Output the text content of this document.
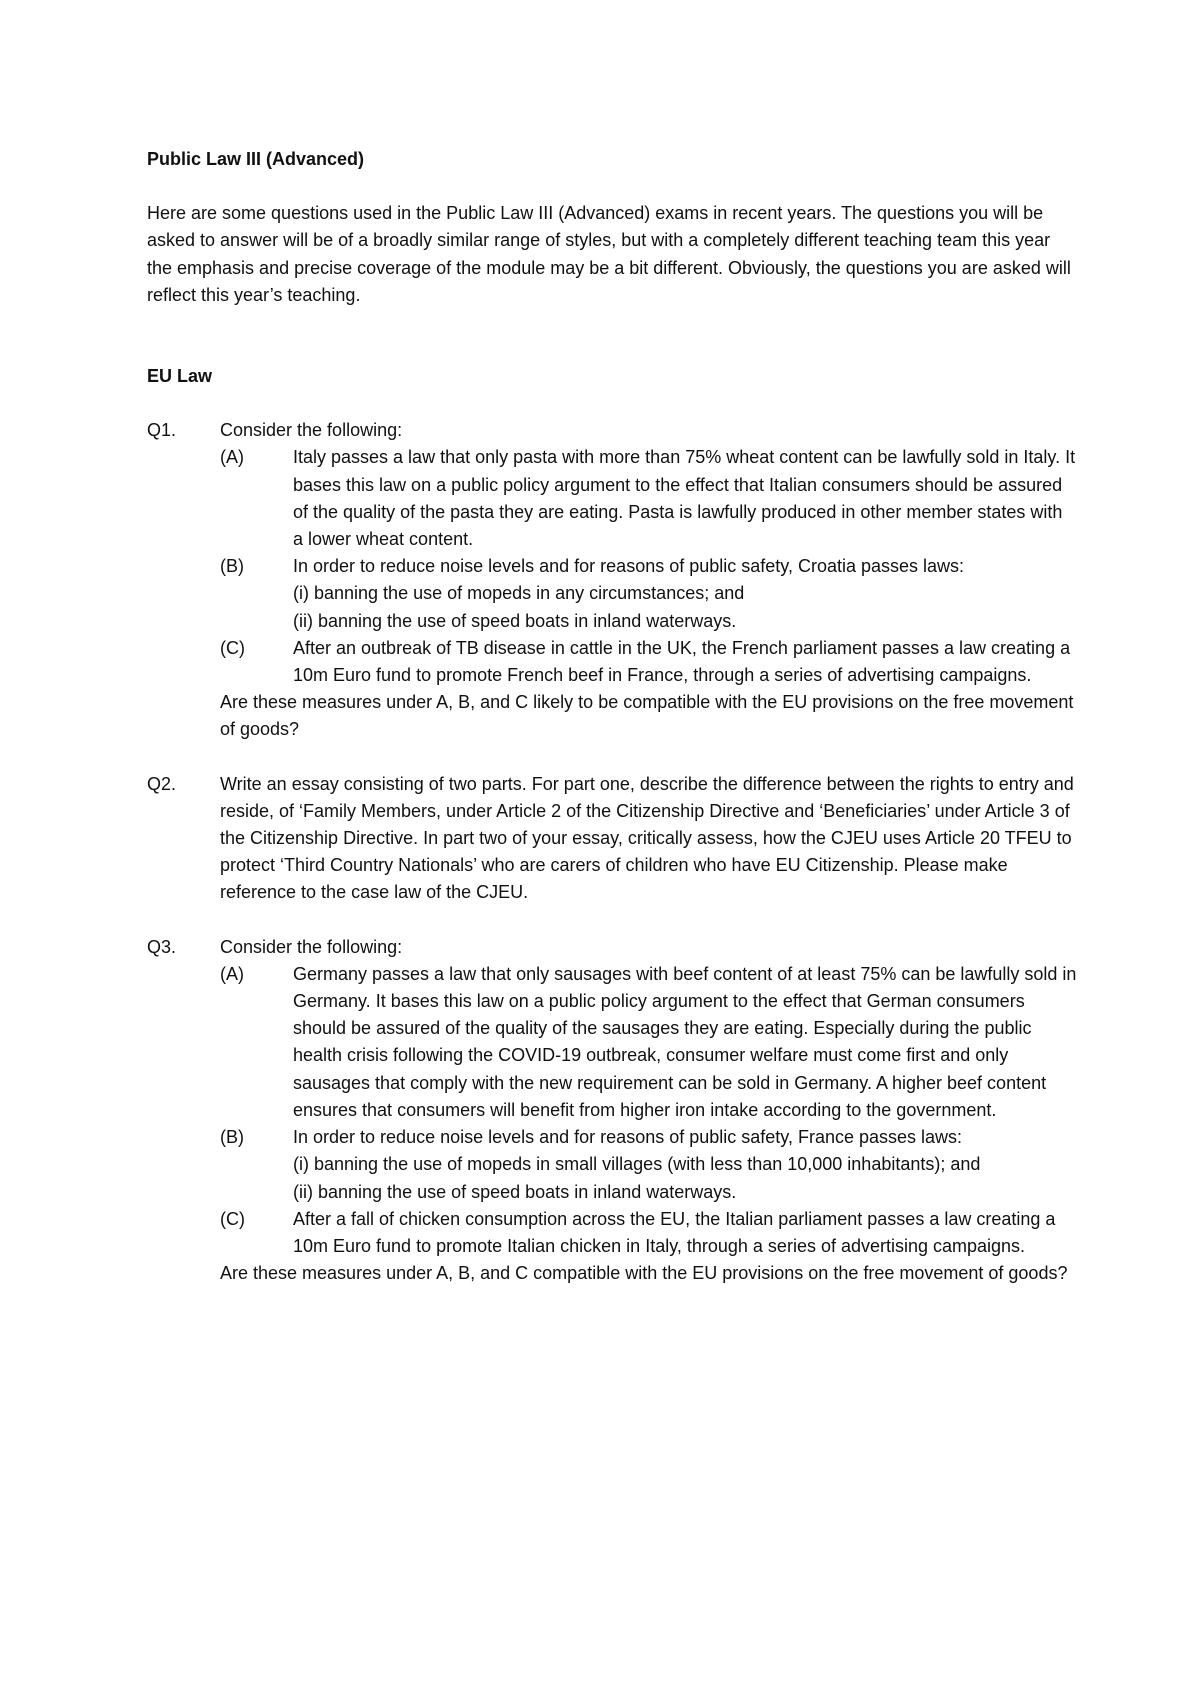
Public Law III (Advanced)

Here are some questions used in the Public Law III (Advanced) exams in recent years. The questions you will be asked to answer will be of a broadly similar range of styles, but with a completely different teaching team this year the emphasis and precise coverage of the module may be a bit different. Obviously, the questions you are asked will reflect this year’s teaching.

EU Law

Q1.	Consider the following:

(A)	Italy passes a law that only pasta with more than 75% wheat content can be lawfully sold in Italy. It bases this law on a public policy argument to the effect that Italian consumers should be assured of the quality of the pasta they are eating. Pasta is lawfully produced in other member states with a lower wheat content.
(B)	In order to reduce noise levels and for reasons of public safety, Croatia passes laws:
(i) banning the use of mopeds in any circumstances; and
(ii) banning the use of speed boats in inland waterways.
(C)	After an outbreak of TB disease in cattle in the UK, the French parliament passes a law creating a 10m Euro fund to promote French beef in France, through a series of advertising campaigns.

Are these measures under A, B, and C likely to be compatible with the EU provisions on the free movement of goods?

Q2.	Write an essay consisting of two parts. For part one, describe the difference between the rights to entry and reside, of ‘Family Members, under Article 2 of the Citizenship Directive and ‘Beneficiaries’ under Article 3 of the Citizenship Directive. In part two of your essay, critically assess, how the CJEU uses Article 20 TFEU to protect ‘Third Country Nationals’ who are carers of children who have EU Citizenship. Please make reference to the case law of the CJEU.

Q3.	Consider the following:

(A)	Germany passes a law that only sausages with beef content of at least 75% can be lawfully sold in Germany. It bases this law on a public policy argument to the effect that German consumers should be assured of the quality of the sausages they are eating. Especially during the public health crisis following the COVID-19 outbreak, consumer welfare must come first and only sausages that comply with the new requirement can be sold in Germany. A higher beef content ensures that consumers will benefit from higher iron intake according to the government.
(B)	In order to reduce noise levels and for reasons of public safety, France passes laws:
(i) banning the use of mopeds in small villages (with less than 10,000 inhabitants); and
(ii) banning the use of speed boats in inland waterways.
(C)	After a fall of chicken consumption across the EU, the Italian parliament passes a law creating a 10m Euro fund to promote Italian chicken in Italy, through a series of advertising campaigns.

Are these measures under A, B, and C compatible with the EU provisions on the free movement of goods?
